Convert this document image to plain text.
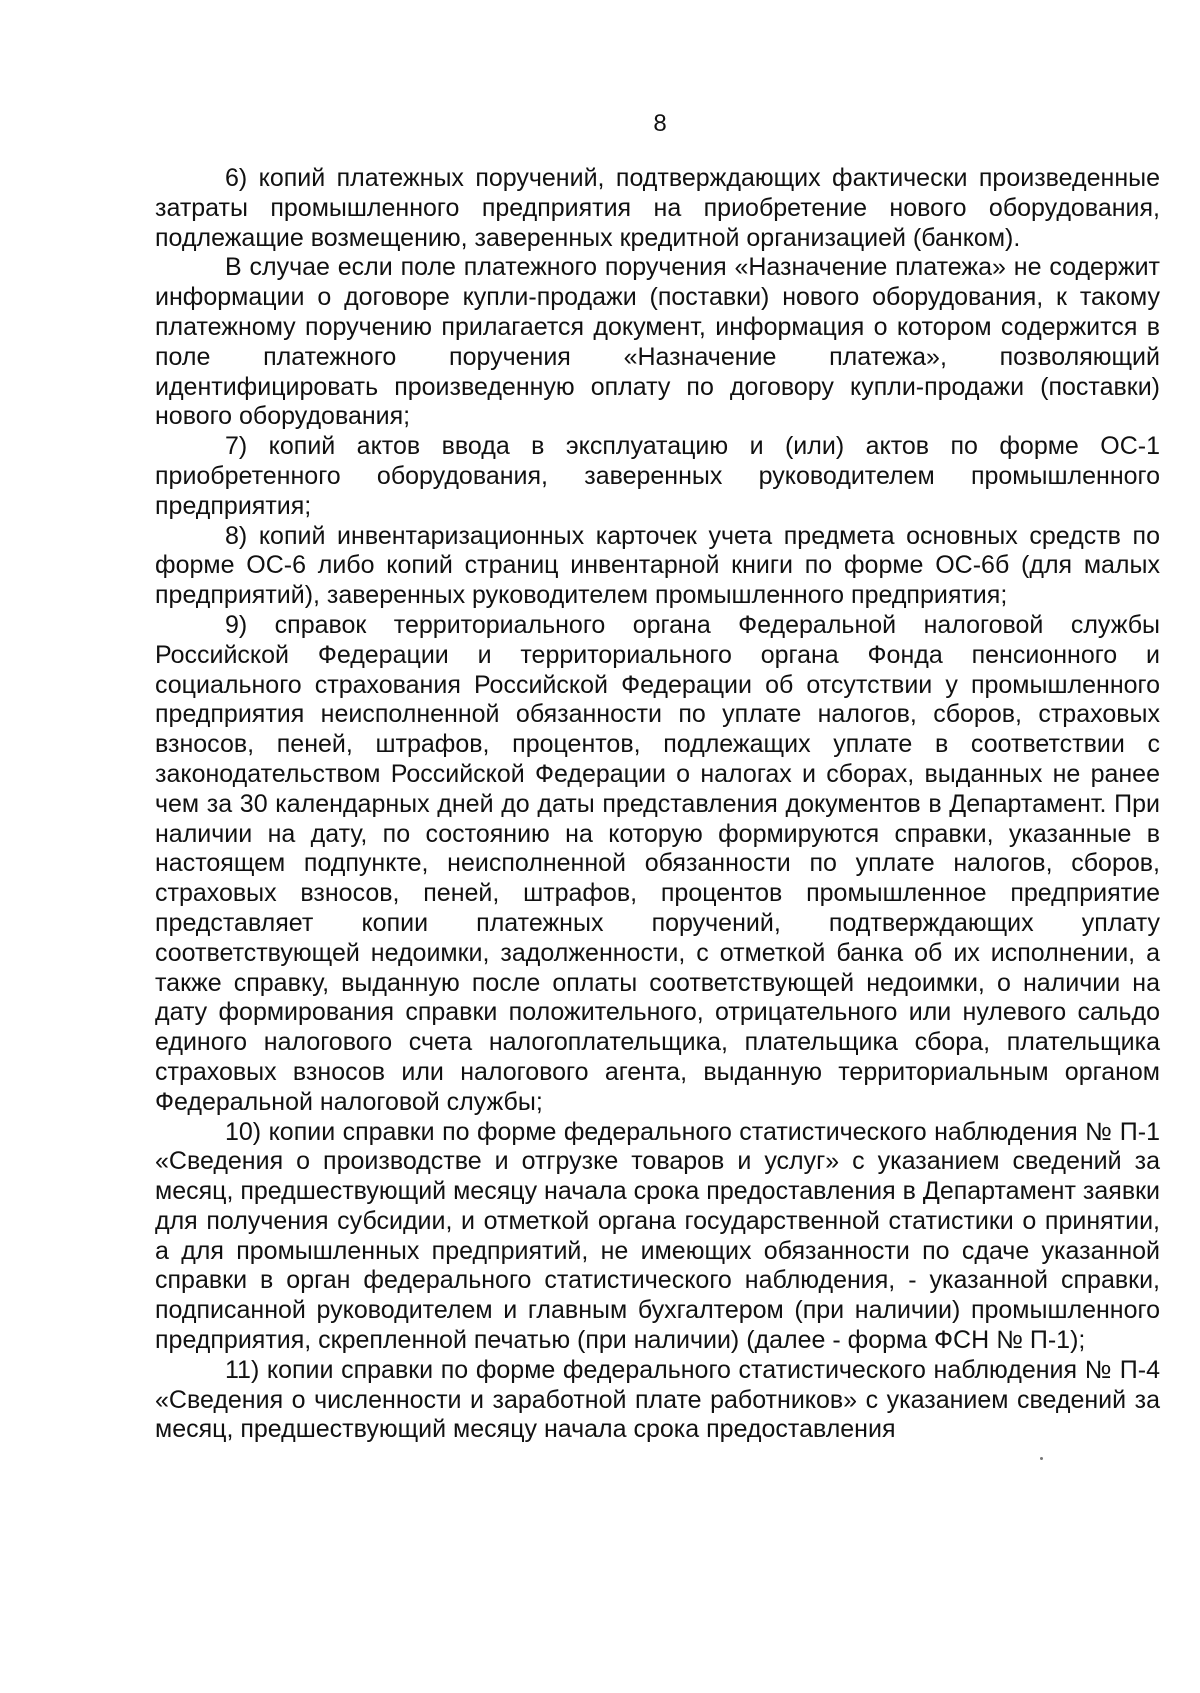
8

6) копий платежных поручений, подтверждающих фактически произведенные затраты промышленного предприятия на приобретение нового оборудования, подлежащие возмещению, заверенных кредитной организацией (банком).

В случае если поле платежного поручения «Назначение платежа» не содержит информации о договоре купли-продажи (поставки) нового оборудования, к такому платежному поручению прилагается документ, информация о котором содержится в поле платежного поручения «Назначение платежа», позволяющий идентифицировать произведенную оплату по договору купли-продажи (поставки) нового оборудования;

7) копий актов ввода в эксплуатацию и (или) актов по форме ОС-1 приобретенного оборудования, заверенных руководителем промышленного предприятия;

8) копий инвентаризационных карточек учета предмета основных средств по форме ОС-6 либо копий страниц инвентарной книги по форме ОС-6б (для малых предприятий), заверенных руководителем промышленного предприятия;

9) справок территориального органа Федеральной налоговой службы Российской Федерации и территориального органа Фонда пенсионного и социального страхования Российской Федерации об отсутствии у промышленного предприятия неисполненной обязанности по уплате налогов, сборов, страховых взносов, пеней, штрафов, процентов, подлежащих уплате в соответствии с законодательством Российской Федерации о налогах и сборах, выданных не ранее чем за 30 календарных дней до даты представления документов в Департамент. При наличии на дату, по состоянию на которую формируются справки, указанные в настоящем подпункте, неисполненной обязанности по уплате налогов, сборов, страховых взносов, пеней, штрафов, процентов промышленное предприятие представляет копии платежных поручений, подтверждающих уплату соответствующей недоимки, задолженности, с отметкой банка об их исполнении, а также справку, выданную после оплаты соответствующей недоимки, о наличии на дату формирования справки положительного, отрицательного или нулевого сальдо единого налогового счета налогоплательщика, плательщика сбора, плательщика страховых взносов или налогового агента, выданную территориальным органом Федеральной налоговой службы;

10) копии справки по форме федерального статистического наблюдения № П-1 «Сведения о производстве и отгрузке товаров и услуг» с указанием сведений за месяц, предшествующий месяцу начала срока предоставления в Департамент заявки для получения субсидии, и отметкой органа государственной статистики о принятии, а для промышленных предприятий, не имеющих обязанности по сдаче указанной справки в орган федерального статистического наблюдения, - указанной справки, подписанной руководителем и главным бухгалтером (при наличии) промышленного предприятия, скрепленной печатью (при наличии) (далее - форма ФСН № П-1);

11) копии справки по форме федерального статистического наблюдения № П-4 «Сведения о численности и заработной плате работников» с указанием сведений за месяц, предшествующий месяцу начала срока предоставления
